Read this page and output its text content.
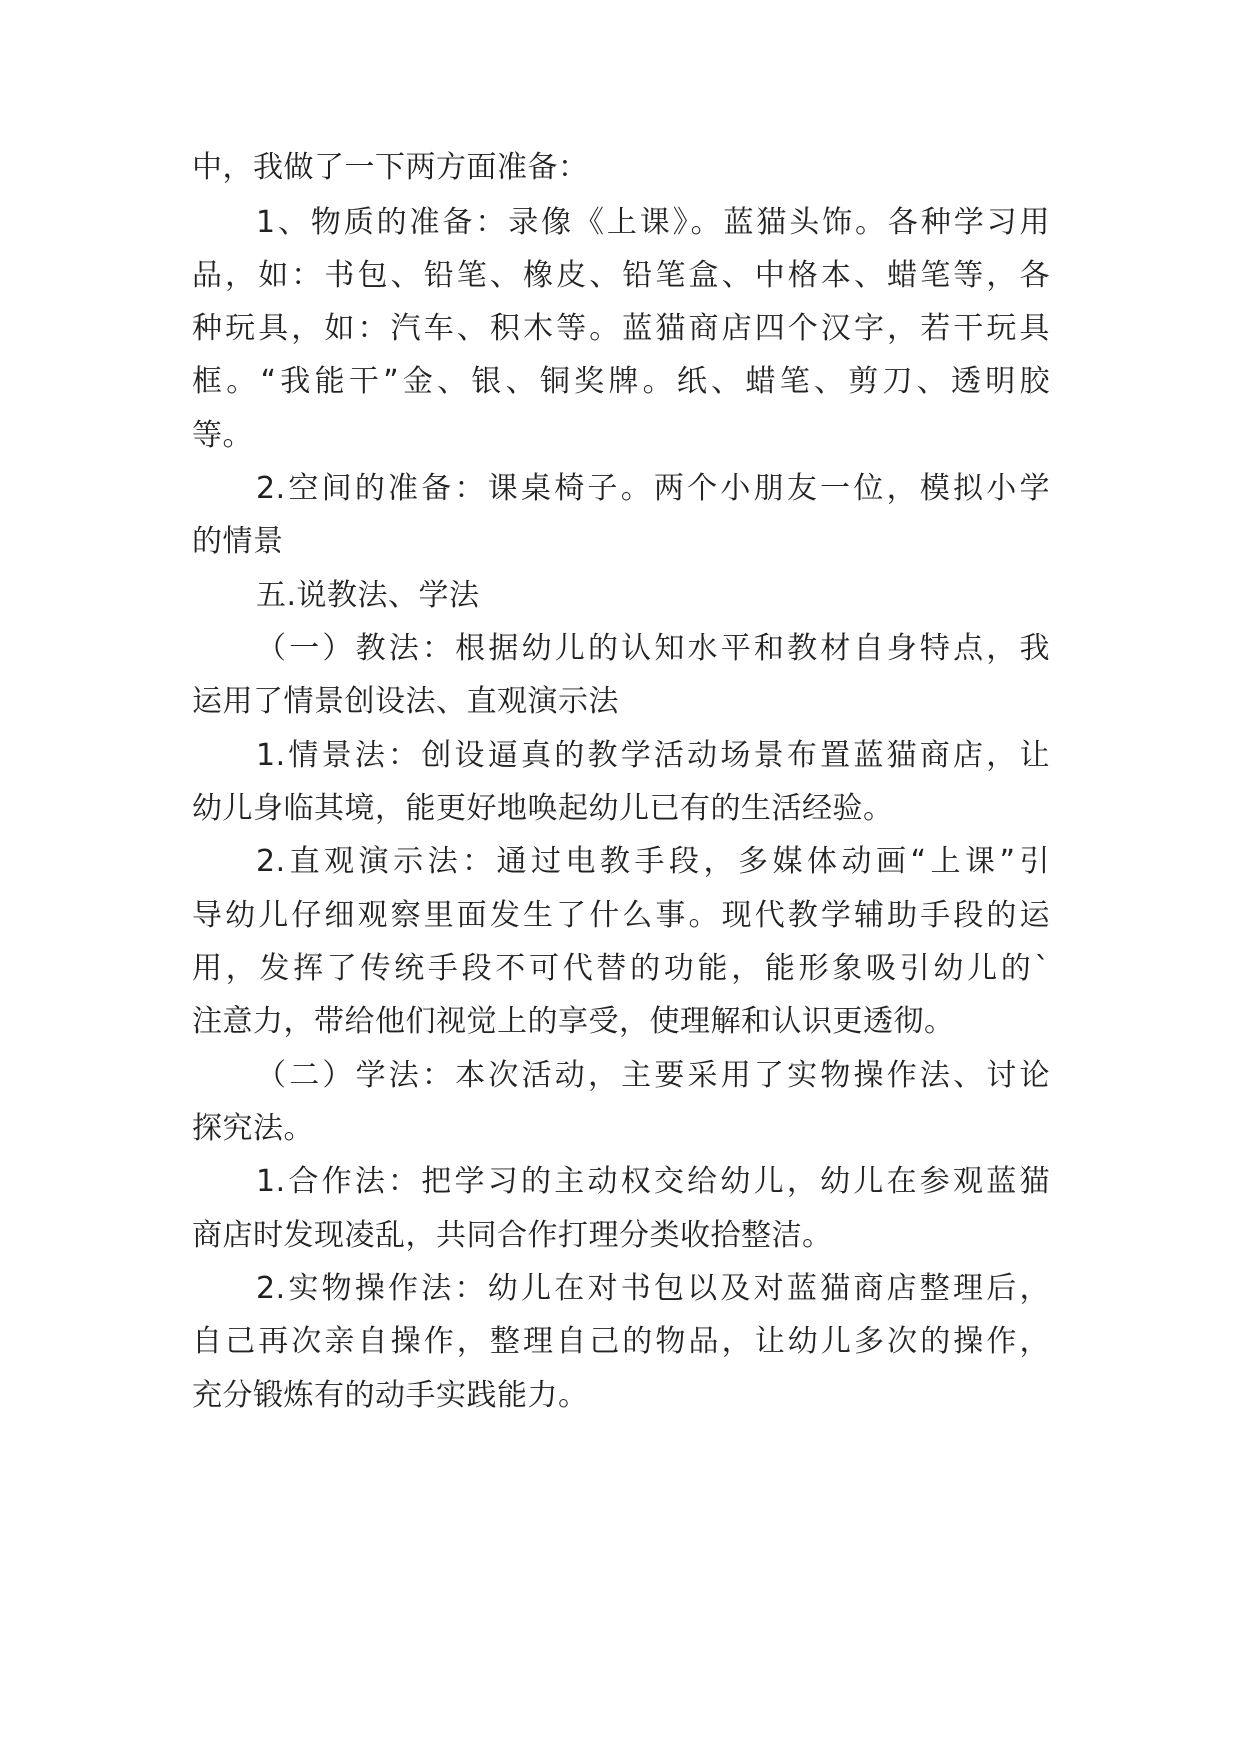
中，我做了一下两方面准备：
1、物质的准备：录像《上课》。蓝猫头饰。各种学习用
品，如：书包、铅笔、橡皮、铅笔盒、中格本、蜡笔等，各
种玩具，如：汽车、积木等。蓝猫商店四个汉字，若干玩具
框。“我能干”金、银、铜奖牌。纸、蜡笔、剪刀、透明胶
等。
2.空间的准备：课桌椅子。两个小朋友一位，模拟小学
的情景
五.说教法、学法
（一）教法：根据幼儿的认知水平和教材自身特点，我
运用了情景创设法、直观演示法
1.情景法：创设逼真的教学活动场景布置蓝猫商店，让
幼儿身临其境，能更好地唤起幼儿已有的生活经验。
2.直观演示法：通过电教手段，多媒体动画“上课”引
导幼儿仔细观察里面发生了什么事。现代教学辅助手段的运
用，发挥了传统手段不可代替的功能，能形象吸引幼儿的`
注意力，带给他们视觉上的享受，使理解和认识更透彻。
（二）学法：本次活动，主要采用了实物操作法、讨论
探究法。
1.合作法：把学习的主动权交给幼儿，幼儿在参观蓝猫
商店时发现凌乱，共同合作打理分类收拾整洁。
2.实物操作法：幼儿在对书包以及对蓝猫商店整理后，
自己再次亲自操作，整理自己的物品，让幼儿多次的操作，
充分锻炼有的动手实践能力。
